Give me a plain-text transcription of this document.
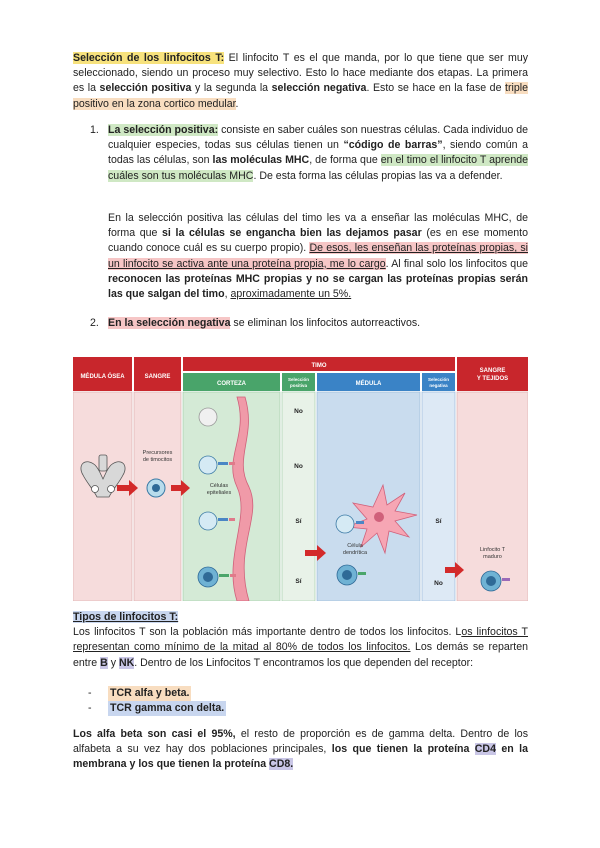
Selección de los linfocitos T: El linfocito T es el que manda, por lo que tiene que ser muy seleccionado, siendo un proceso muy selectivo. Esto lo hace mediante dos etapas. La primera es la selección positiva y la segunda la selección negativa. Esto se hace en la fase de triple positivo en la zona cortico medular.

1. La selección positiva: consiste en saber cuáles son nuestras células. Cada individuo de cualquier especies, todas sus células tienen un “código de barras”, siendo común a todas las células, son las moléculas MHC, de forma que en el timo el linfocito T aprende cuáles son tus moléculas MHC. De esta forma las células propias las va a defender.

En la selección positiva las células del timo les va a enseñar las moléculas MHC, de forma que si la células se engancha bien las dejamos pasar (es en ese momento cuando conoce cuál es su cuerpo propio). De esos, les enseñan las proteínas propias, si un linfocito se activa ante una proteína propia, me lo cargo. Al final solo los linfocitos que reconocen las proteínas MHC propias y no se cargan las proteínas propias serán las que salgan del timo, aproximadamente un 5%.

2. En la selección negativa se eliminan los linfocitos autorreactivos.

MÉDULA ÓSEA	SANGRE
TIMO
CORTEZA
Selección
positiva	MÉDULA
Selección
negativa
SANGRE
Y TEJIDOS
Precursores
de timocitos
Células
epiteliales
Célula
dendrítica	Linfocito T
maduro
No
No
Sí
Sí
Sí
No

Tipos de linfocitos T:
Los linfocitos T son la población más importante dentro de todos los linfocitos. Los linfocitos T representan como mínimo de la mitad al 80% de todos los linfocitos. Los demás se reparten entre B y NK. Dentro de los Linfocitos T encontramos los que dependen del receptor:

- TCR alfa y beta.
- TCR gamma con delta.

Los alfa beta son casi el 95%, el resto de proporción es de gamma delta. Dentro de los alfabeta a su vez hay dos poblaciones principales, los que tienen la proteína CD4 en la membrana y los que tienen la proteína CD8.
